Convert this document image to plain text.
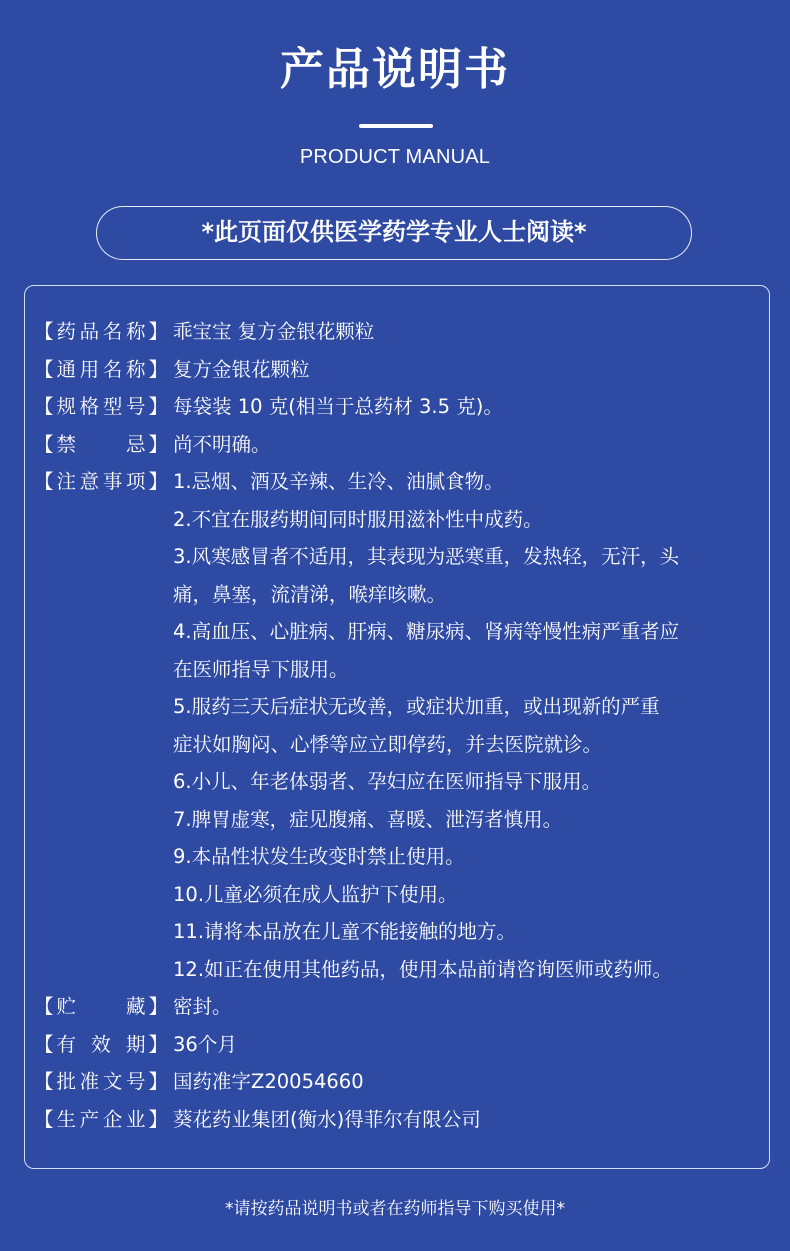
产品说明书
PRODUCT MANUAL
*此页面仅供医学药学专业人士阅读*
【 药品名称 】 乖宝宝 复方金银花颗粒
【 通用名称 】 复方金银花颗粒
【 规格型号 】 每袋装 10 克(相当于总药材 3.5 克)。
【 禁忌 】 尚不明确。
【 注意事项 】 1.忌烟、酒及辛辣、生冷、油腻食物。
2.不宜在服药期间同时服用滋补性中成药。
3.风寒感冒者不适用，其表现为恶寒重，发热轻，无汗，头
痛，鼻塞，流清涕，喉痒咳嗽。
4.高血压、心脏病、肝病、糖尿病、肾病等慢性病严重者应
在医师指导下服用。
5.服药三天后症状无改善，或症状加重，或出现新的严重
症状如胸闷、心悸等应立即停药，并去医院就诊。
6.小儿、年老体弱者、孕妇应在医师指导下服用。
7.脾胃虚寒，症见腹痛、喜暖、泄泻者慎用。
9.本品性状发生改变时禁止使用。
10.儿童必须在成人监护下使用。
11.请将本品放在儿童不能接触的地方。
12.如正在使用其他药品，使用本品前请咨询医师或药师。
【 贮藏 】 密封。
【 有效期 】 36个月
【 批准文号 】 国药准字Z20054660
【 生产企业 】 葵花药业集团(衡水)得菲尔有限公司
*请按药品说明书或者在药师指导下购买使用*
